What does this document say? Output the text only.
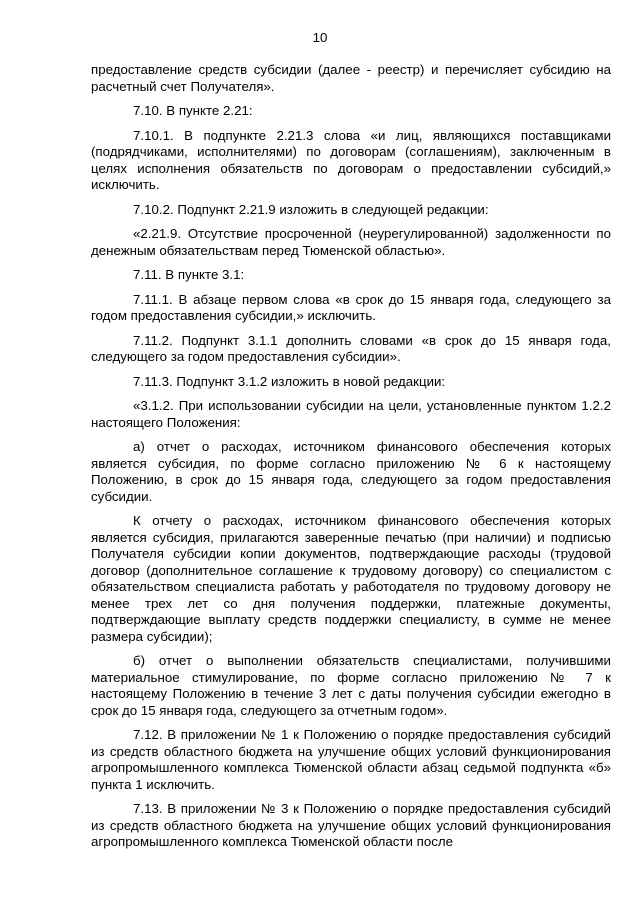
10

предоставление средств субсидии (далее - реестр) и перечисляет субсидию на расчетный счет Получателя».

7.10. В пункте 2.21:

7.10.1. В подпункте 2.21.3 слова «и лиц, являющихся поставщиками (подрядчиками, исполнителями) по договорам (соглашениям), заключенным в целях исполнения обязательств по договорам о предоставлении субсидий,» исключить.

7.10.2. Подпункт 2.21.9 изложить в следующей редакции:

«2.21.9. Отсутствие просроченной (неурегулированной) задолженности по денежным обязательствам перед Тюменской областью».

7.11. В пункте 3.1:

7.11.1. В абзаце первом слова «в срок до 15 января года, следующего за годом предоставления субсидии,» исключить.

7.11.2. Подпункт 3.1.1 дополнить словами «в срок до 15 января года, следующего за годом предоставления субсидии».

7.11.3. Подпункт 3.1.2 изложить в новой редакции:

«3.1.2. При использовании субсидии на цели, установленные пунктом 1.2.2 настоящего Положения:

а) отчет о расходах, источником финансового обеспечения которых является субсидия, по форме согласно приложению № 6 к настоящему Положению, в срок до 15 января года, следующего за годом предоставления субсидии.

К отчету о расходах, источником финансового обеспечения которых является субсидия, прилагаются заверенные печатью (при наличии) и подписью Получателя субсидии копии документов, подтверждающие расходы (трудовой договор (дополнительное соглашение к трудовому договору) со специалистом с обязательством специалиста работать у работодателя по трудовому договору не менее трех лет со дня получения поддержки, платежные документы, подтверждающие выплату средств поддержки специалисту, в сумме не менее размера субсидии);

б) отчет о выполнении обязательств специалистами, получившими материальное стимулирование, по форме согласно приложению № 7 к настоящему Положению в течение 3 лет с даты получения субсидии ежегодно в срок до 15 января года, следующего за отчетным годом».

7.12. В приложении № 1 к Положению о порядке предоставления субсидий из средств областного бюджета на улучшение общих условий функционирования агропромышленного комплекса Тюменской области абзац седьмой подпункта «б» пункта 1 исключить.

7.13. В приложении № 3 к Положению о порядке предоставления субсидий из средств областного бюджета на улучшение общих условий функционирования агропромышленного комплекса Тюменской области после
